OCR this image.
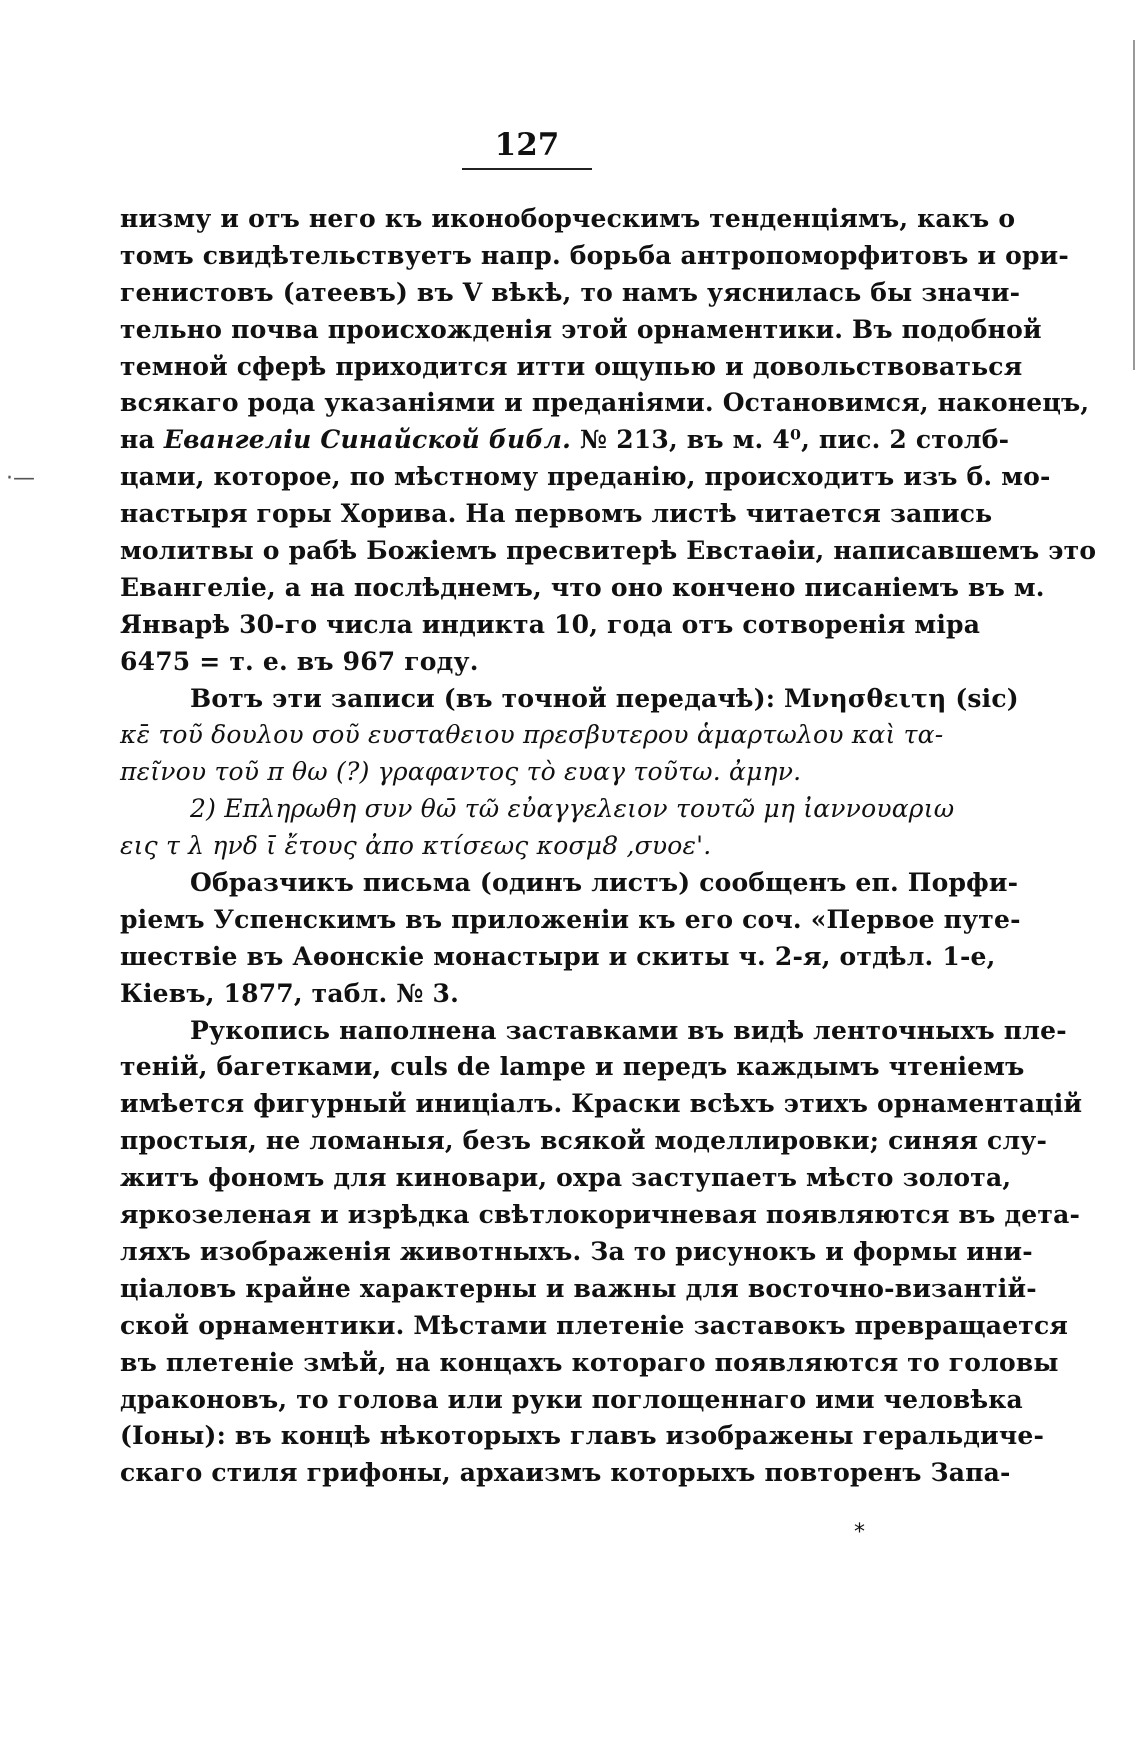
·—
127
низму и отъ него къ иконоборческимъ тенденціямъ, какъ о
томъ свидѣтельствуетъ напр. борьба антропоморфитовъ и ори-
генистовъ (атеевъ) въ V вѣкѣ, то намъ уяснилась бы значи-
тельно почва происхожденія этой орнаментики. Въ подобной
темной сферѣ приходится итти ощупью и довольствоваться
всякаго рода указаніями и преданіями. Остановимся, наконецъ,
на Евангеліи Синайской библ. № 213, въ м. 4⁰, пис. 2 столб-
цами, которое, по мѣстному преданію, происходитъ изъ б. мо-
настыря горы Хорива. На первомъ листѣ читается запись
молитвы о рабѣ Божіемъ пресвитерѣ Евстаѳіи, написавшемъ это
Евангеліе, а на послѣднемъ, что оно кончено писаніемъ въ м.
Январѣ 30-го числа индикта 10, года отъ сотворенія міра
6475 = т. е. въ 967 году.
Вотъ эти записи (въ точной передачѣ): Μνησθειτη (sic)
κε̄ τοῦ δουλου σοῦ ευσταθειου πρεσβυτερου ἁμαρτωλου καὶ τα-
πεῖνου τοῦ π θω (?) γραφαντος τὸ ευαγ τοῦτω. ἀμην.
2) Επληρωθη συν θω̄ τῶ εὐαγγελειον τουτῶ μη ἰαννουαριω
εις τ λ ηνδ ῑ ἔτους ἀπο κτίσεως κοσμ8 ,συοε'.
Образчикъ письма (одинъ листъ) сообщенъ еп. Порфи-
ріемъ Успенскимъ въ приложеніи къ его соч. «Первое путе-
шествіе въ Аѳонскіе монастыри и скиты ч. 2-я, отдѣл. 1-е,
Кіевъ, 1877, табл. № 3.
Рукопись наполнена заставками въ видѣ ленточныхъ пле-
теній, багетками, culs de lampe и передъ каждымъ чтеніемъ
имѣется фигурный иниціалъ. Краски всѣхъ этихъ орнаментацій
простыя, не ломаныя, безъ всякой моделлировки; синяя слу-
житъ фономъ для киновари, охра заступаетъ мѣсто золота,
яркозеленая и изрѣдка свѣтлокоричневая появляются въ дета-
ляхъ изображенія животныхъ. За то рисунокъ и формы ини-
ціаловъ крайне характерны и важны для восточно-византій-
ской орнаментики. Мѣстами плетеніе заставокъ превращается
въ плетеніе змѣй, на концахъ котораго появляются то головы
драконовъ, то голова или руки поглощеннаго ими человѣка
(Іоны): въ концѣ нѣкоторыхъ главъ изображены геральдиче-
скаго стиля грифоны, архаизмъ которыхъ повторенъ Запа-
*
